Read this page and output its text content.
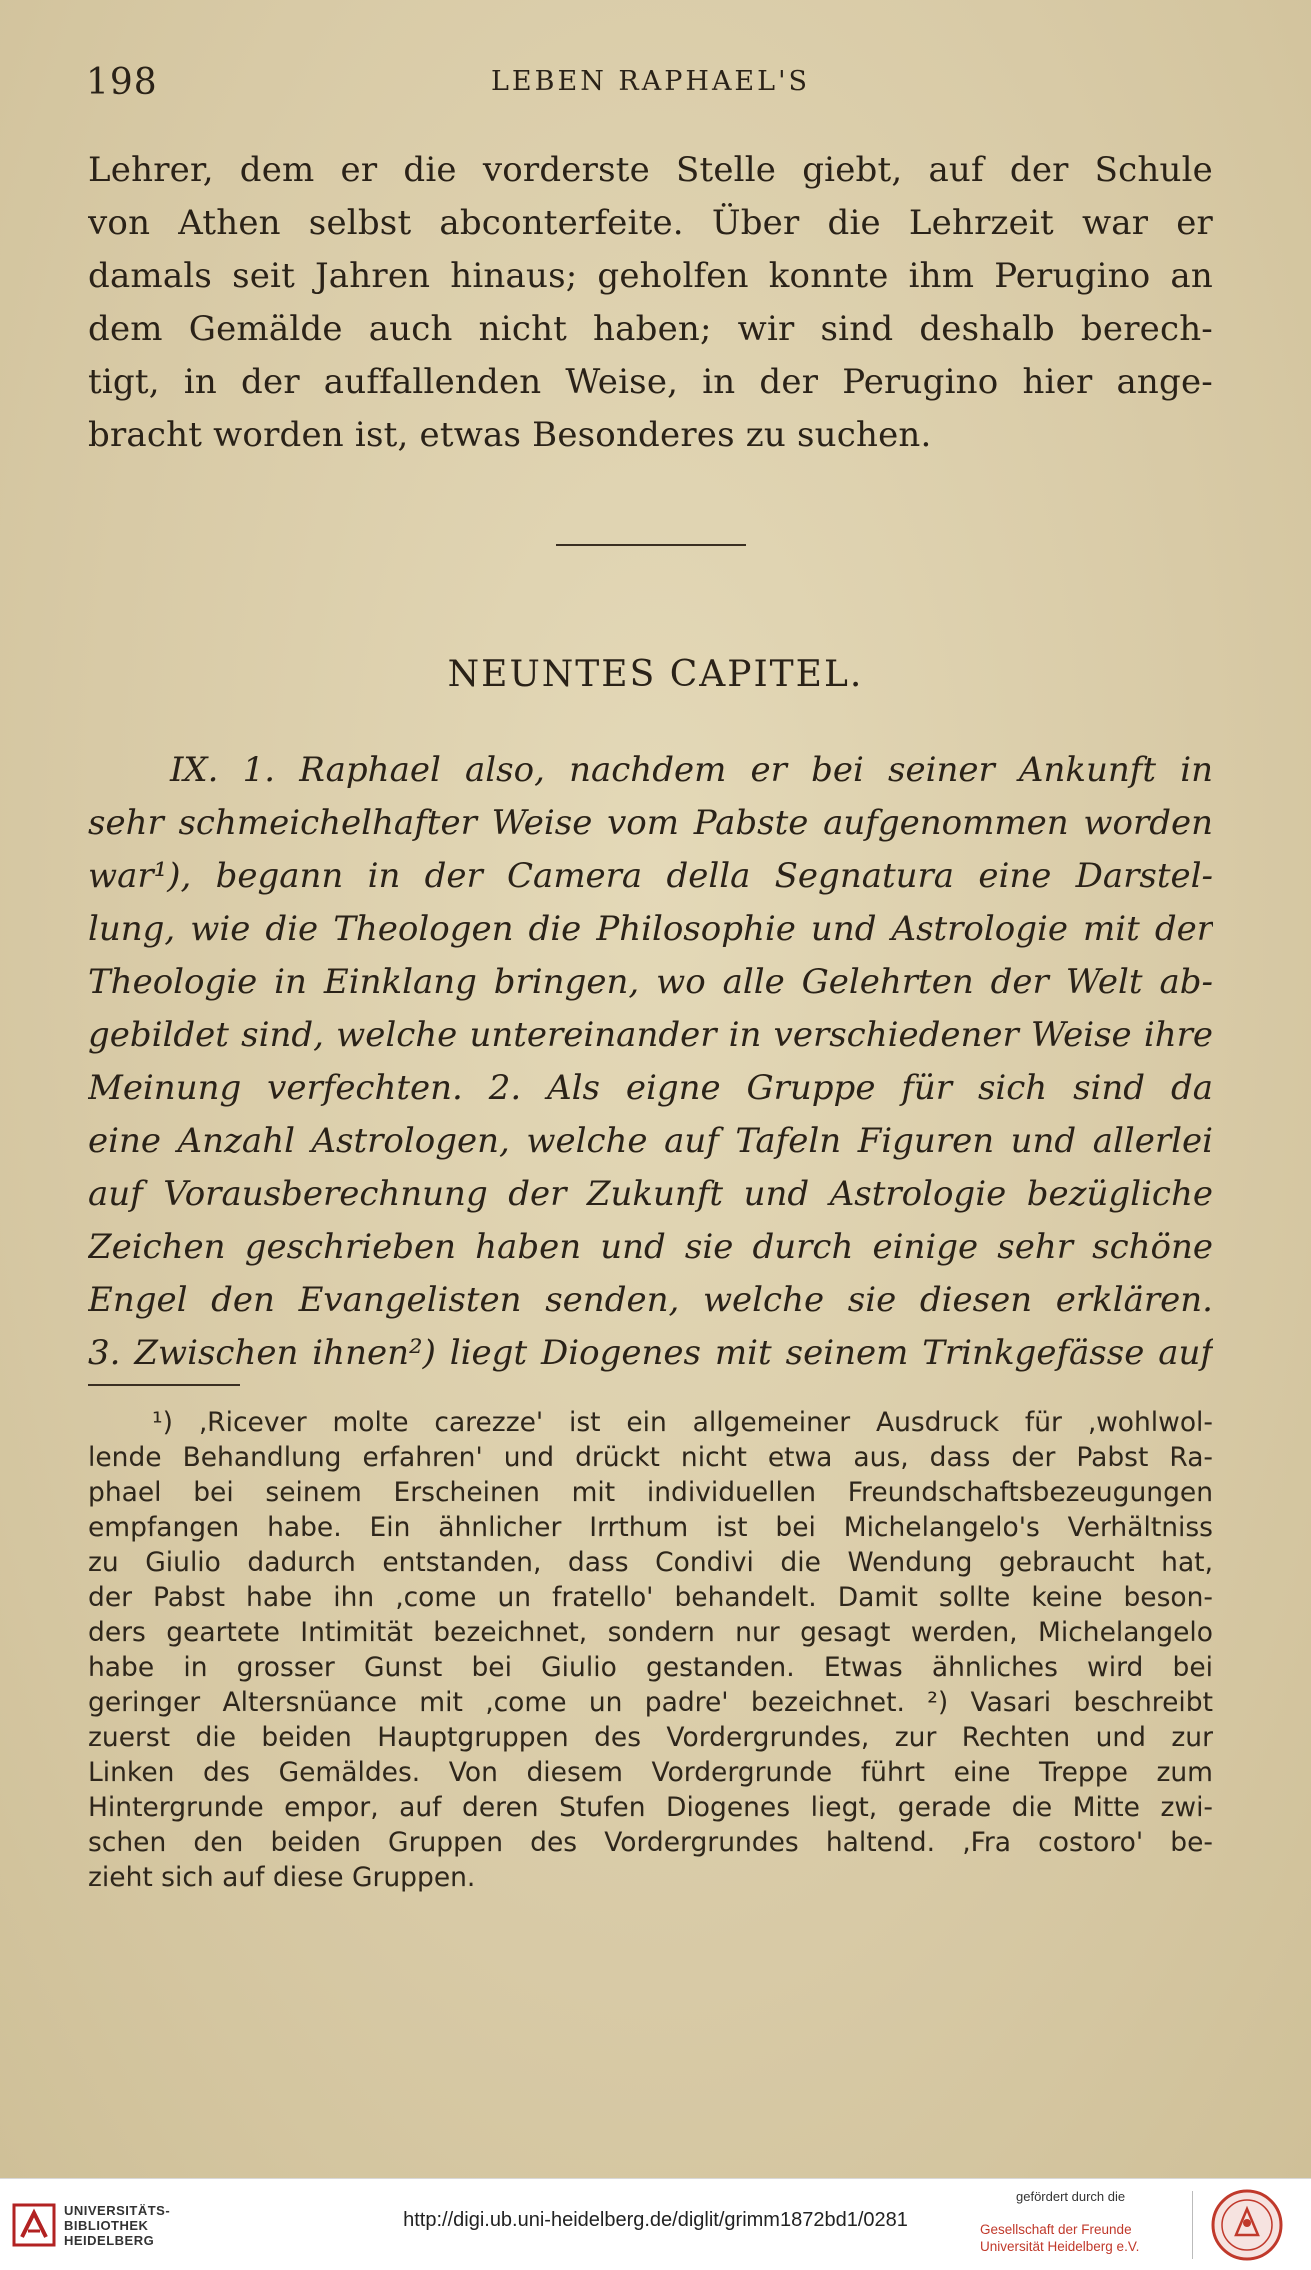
198	LEBEN RAPHAEL'S
Lehrer, dem er die vorderste Stelle giebt, auf der Schule
von Athen selbst abconterfeite. Über die Lehrzeit war er
damals seit Jahren hinaus; geholfen konnte ihm Perugino an
dem Gemälde auch nicht haben; wir sind deshalb berech-
tigt, in der auffallenden Weise, in der Perugino hier ange-
bracht worden ist, etwas Besonderes zu suchen.
NEUNTES CAPITEL.
IX. 1. Raphael also, nachdem er bei seiner Ankunft in
sehr schmeichelhafter Weise vom Pabste aufgenommen worden
war¹), begann in der Camera della Segnatura eine Darstel-
lung, wie die Theologen die Philosophie und Astrologie mit der
Theologie in Einklang bringen, wo alle Gelehrten der Welt ab-
gebildet sind, welche untereinander in verschiedener Weise ihre
Meinung verfechten. 2. Als eigne Gruppe für sich sind da
eine Anzahl Astrologen, welche auf Tafeln Figuren und allerlei
auf Vorausberechnung der Zukunft und Astrologie bezügliche
Zeichen geschrieben haben und sie durch einige sehr schöne
Engel den Evangelisten senden, welche sie diesen erklären.
3. Zwischen ihnen²) liegt Diogenes mit seinem Trinkgefässe auf
¹) ‚Ricever molte carezze' ist ein allgemeiner Ausdruck für ‚wohlwol-
lende Behandlung erfahren' und drückt nicht etwa aus, dass der Pabst Ra-
phael bei seinem Erscheinen mit individuellen Freundschaftsbezeugungen
empfangen habe. Ein ähnlicher Irrthum ist bei Michelangelo's Verhältniss
zu Giulio dadurch entstanden, dass Condivi die Wendung gebraucht hat,
der Pabst habe ihn ‚come un fratello' behandelt. Damit sollte keine beson-
ders geartete Intimität bezeichnet, sondern nur gesagt werden, Michelangelo
habe in grosser Gunst bei Giulio gestanden. Etwas ähnliches wird bei
geringer Altersnüance mit ‚come un padre' bezeichnet. ²) Vasari beschreibt
zuerst die beiden Hauptgruppen des Vordergrundes, zur Rechten und zur
Linken des Gemäldes. Von diesem Vordergrunde führt eine Treppe zum
Hintergrunde empor, auf deren Stufen Diogenes liegt, gerade die Mitte zwi-
schen den beiden Gruppen des Vordergrundes haltend. ‚Fra costoro' be-
zieht sich auf diese Gruppen.
UNIVERSITÄTS-
BIBLIOTHEK
HEIDELBERG
http://digi.ub.uni-heidelberg.de/diglit/grimm1872bd1/0281
gefördert durch die
Gesellschaft der Freunde
Universität Heidelberg e.V.
